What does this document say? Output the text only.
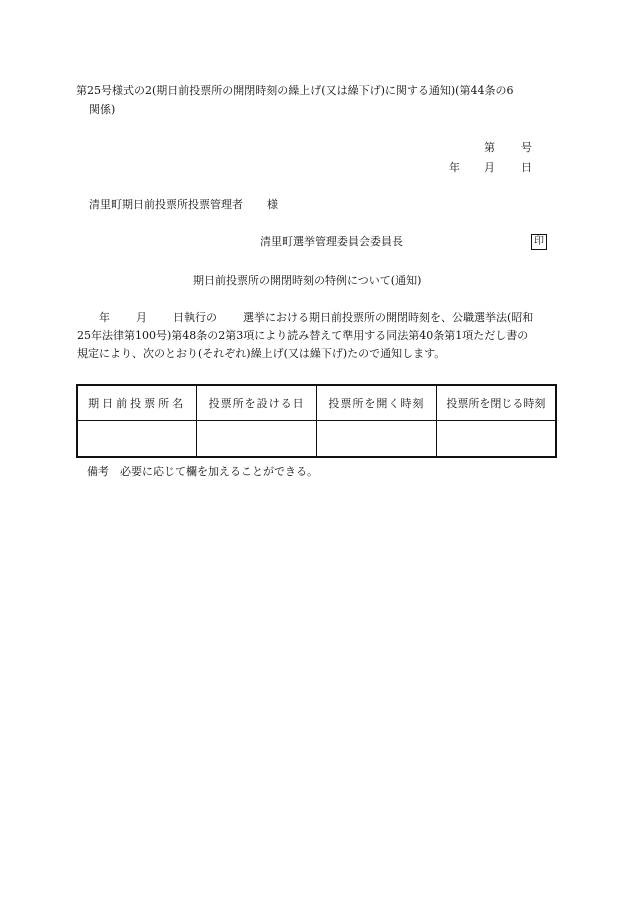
第25号様式の2(期日前投票所の開閉時刻の繰上げ(又は繰下げ)に関する通知)(第44条の6
関係)
第 号
年 月 日
清里町期日前投票所投票管理者 様
清里町選挙管理委員会委員長	印
期日前投票所の開閉時刻の特例について(通知)
年 月 日執行の 選挙における期日前投票所の開閉時刻を、公職選挙法(昭和
25年法律第100号)第48条の2第3項により読み替えて準用する同法第40条第1項ただし書の
規定により、次のとおり(それぞれ)繰上げ(又は繰下げ)たので通知します。
期日前投票所名	投票所を設ける日	投票所を開く時刻	投票所を閉じる時刻

備考　必要に応じて欄を加えることができる。
